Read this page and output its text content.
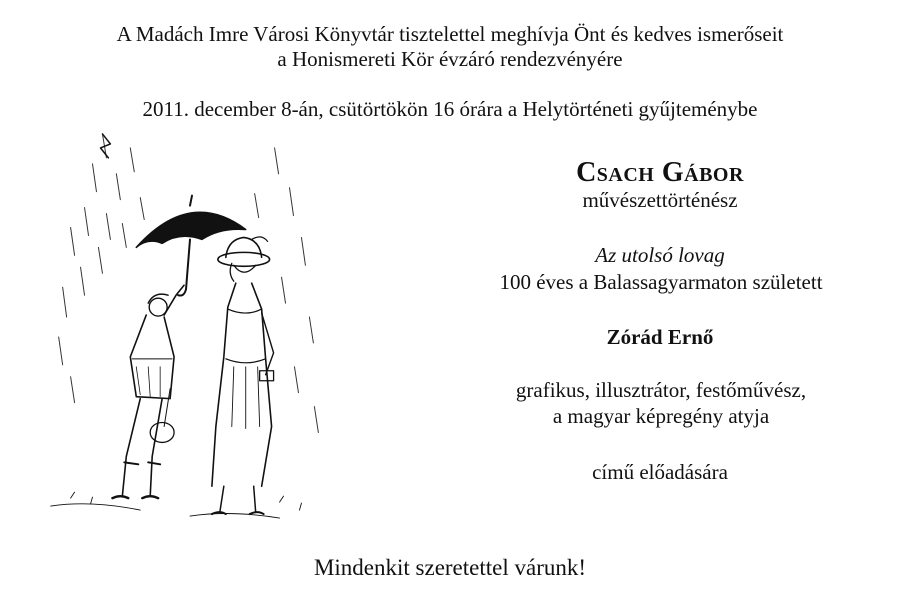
A Madách Imre Városi Könyvtár tisztelettel meghívja Önt és kedves ismerőseit
a Honismereti Kör évzáró rendezvényére
2011. december 8-án, csütörtökön 16 órára a Helytörténeti gyűjteménybe
Csach Gábor
művészettörténész
Az utolsó lovag
100 éves a Balassagyarmaton született
Zórád Ernő
grafikus, illusztrátor, festőművész,
a magyar képregény atyja
című előadására
Mindenkit szeretettel várunk!
